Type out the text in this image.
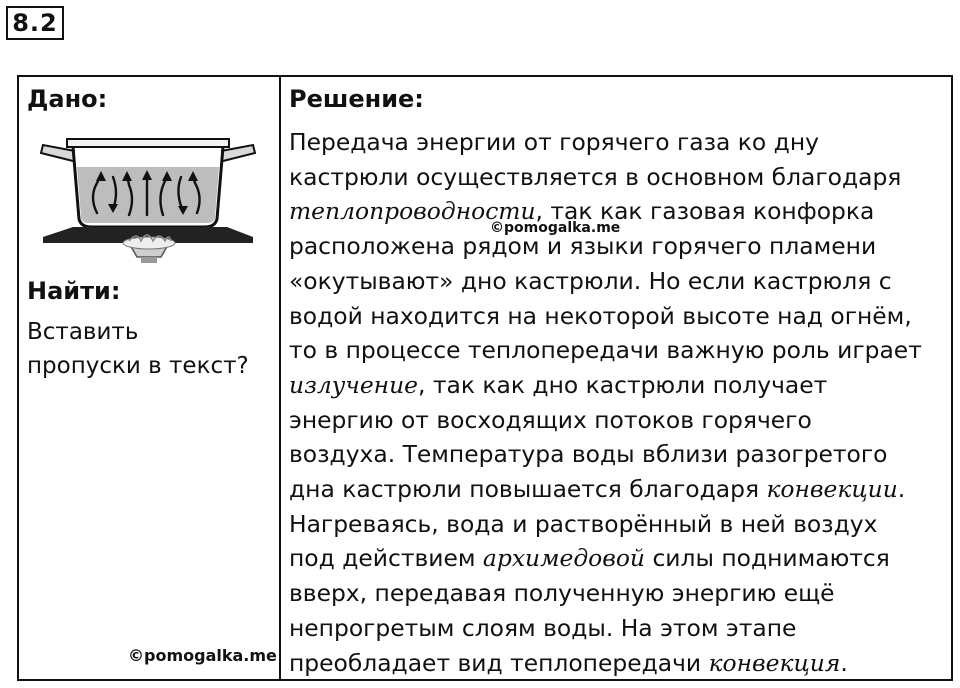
8.2
Дано:
Найти:
Вставить
пропуски в текст?
Решение:
Передача энергии от горячего газа ко дну
кастрюли осуществляется в основном благодаря
теплопроводности, так как газовая конфорка
расположена рядом и языки горячего пламени
«окутывают» дно кастрюли. Но если кастрюля с
водой находится на некоторой высоте над огнём,
то в процессе теплопередачи важную роль играет
излучение, так как дно кастрюли получает
энергию от восходящих потоков горячего
воздуха. Температура воды вблизи разогретого
дна кастрюли повышается благодаря конвекции.
Нагреваясь, вода и растворённый в ней воздух
под действием архимедовой силы поднимаются
вверх, передавая полученную энергию ещё
непрогретым слоям воды. На этом этапе
преобладает вид теплопередачи конвекция.
©pomogalka.me
©pomogalka.me
